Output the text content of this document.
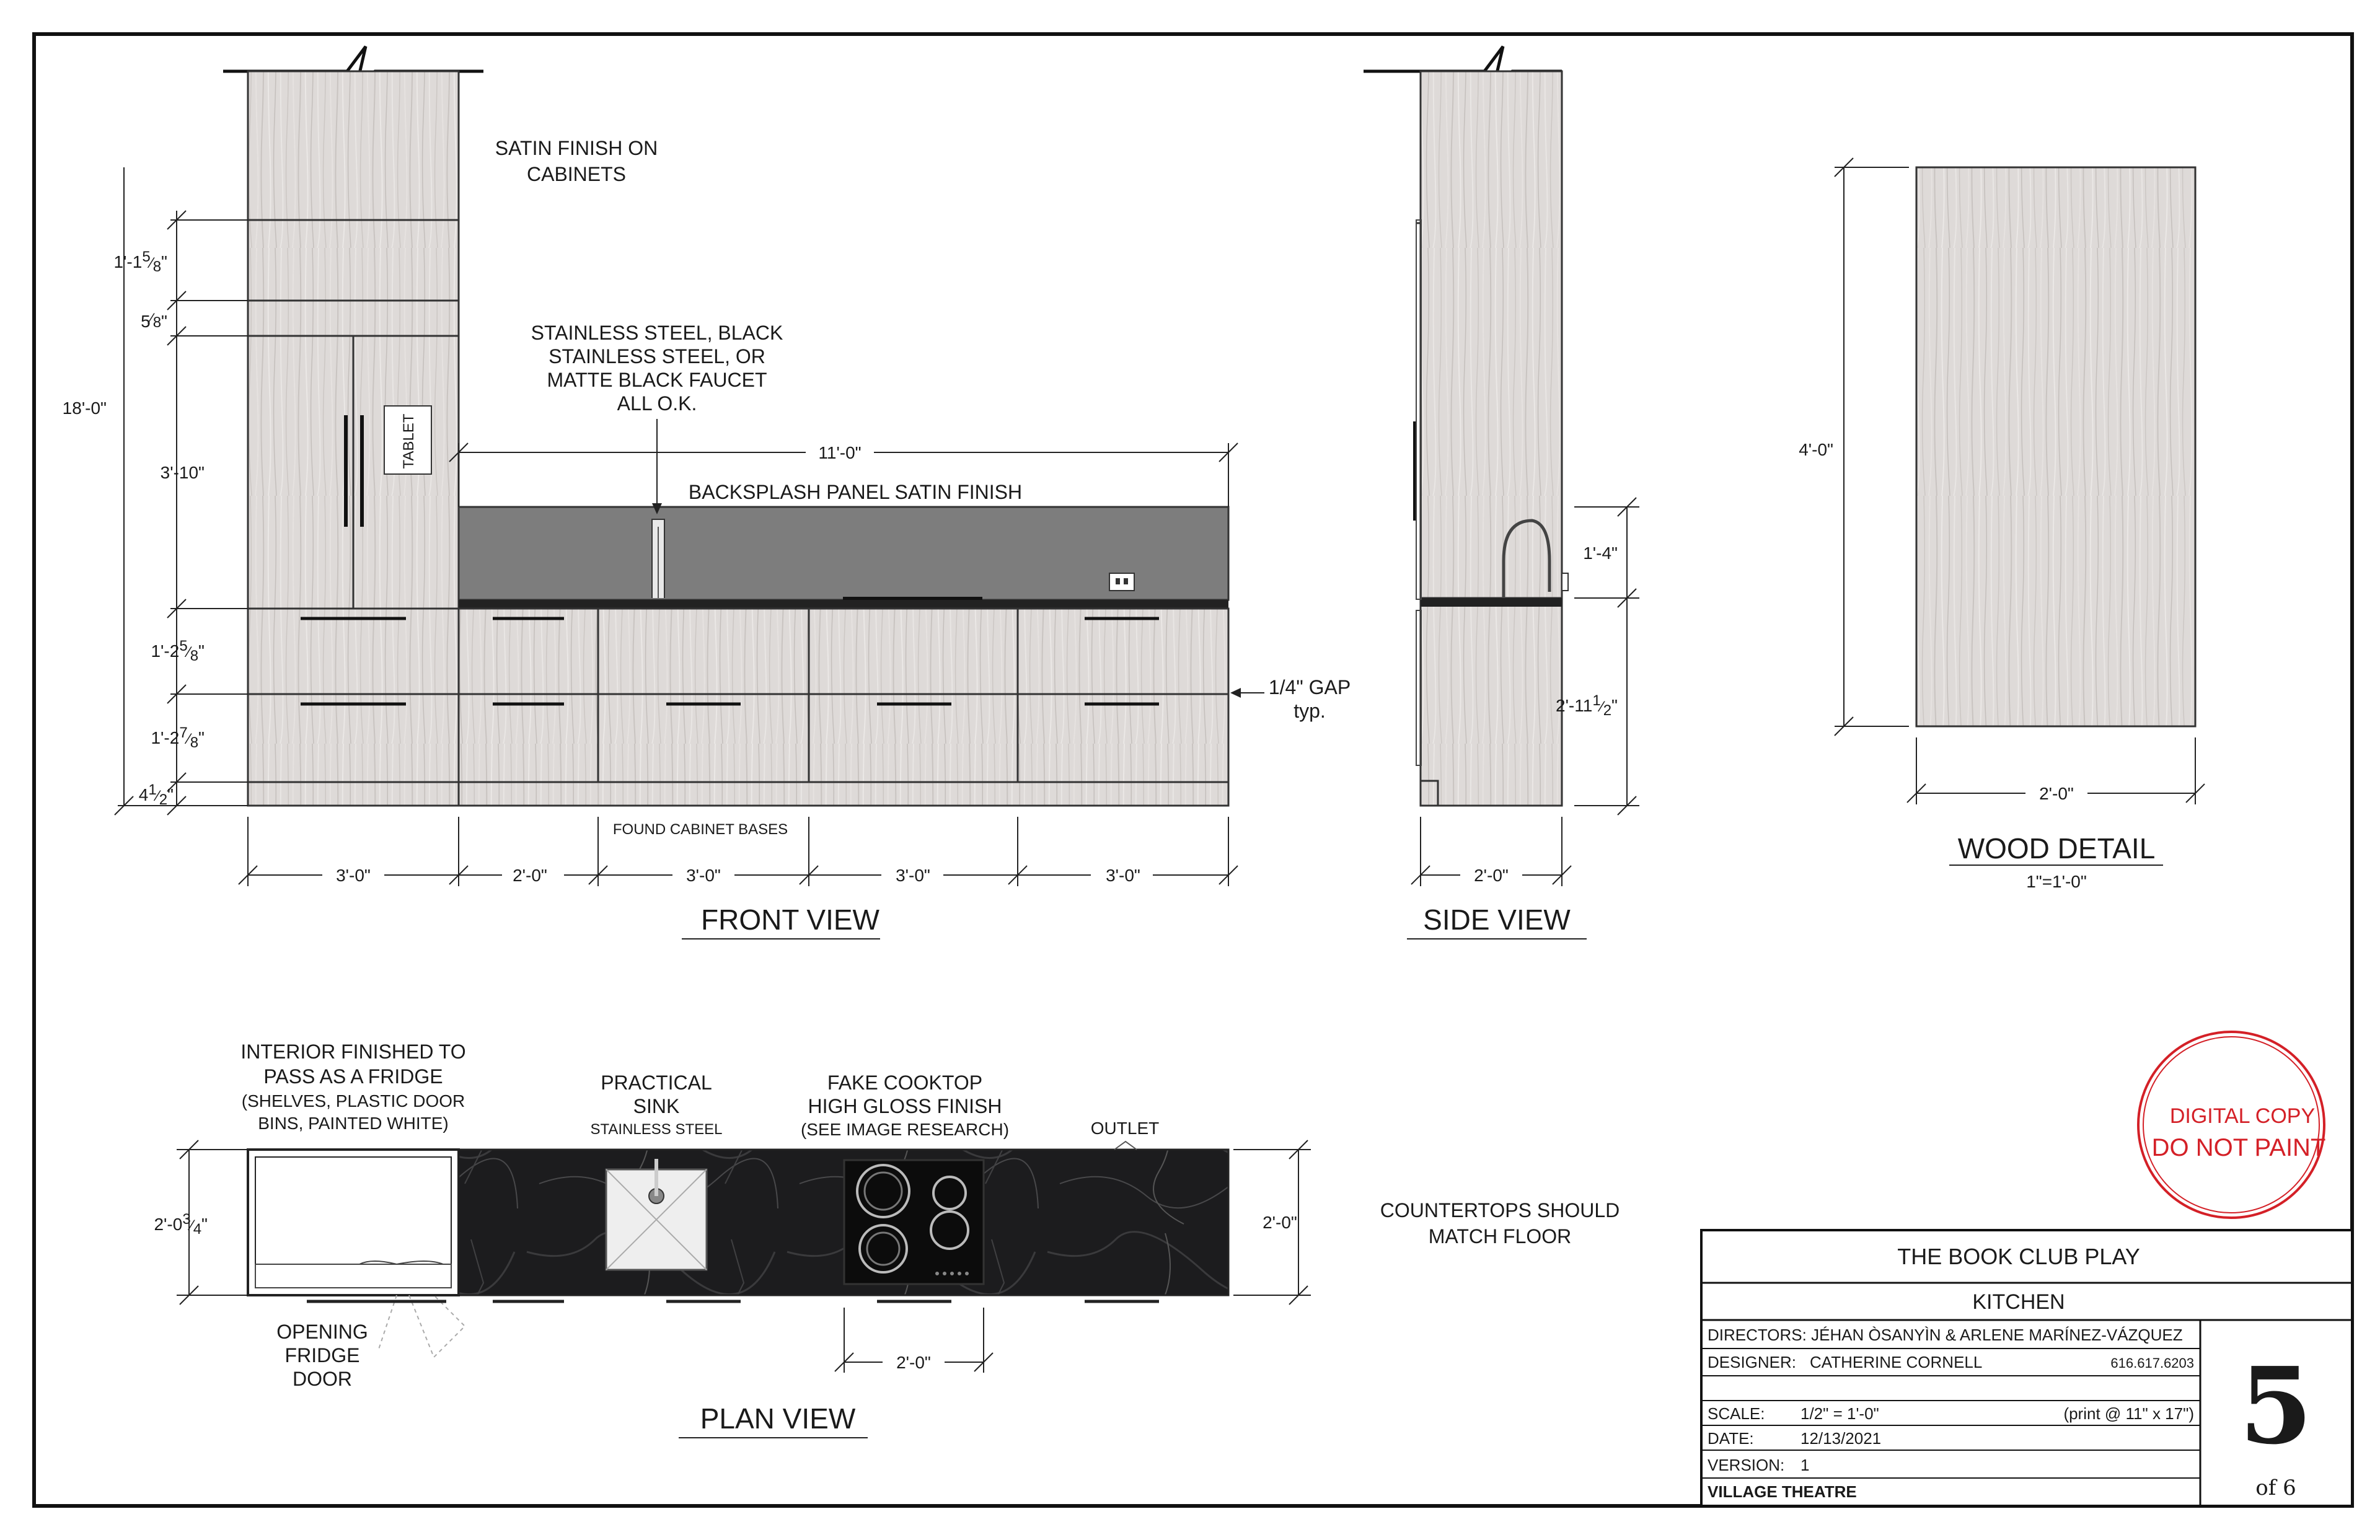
TABLET
18'-0"
1'-15⁄8"
5⁄8"
3'-10"
1'-25⁄8"
1'-27⁄8"
41⁄2"
11'-0"
3'-0"	2'-0"	3'-0"	3'-0"	3'-0"
FOUND CABINET BASES
SATIN FINISH ON
CABINETS
STAINLESS STEEL, BLACK
STAINLESS STEEL, OR
MATTE BLACK FAUCET
ALL O.K.
BACKSPLASH PANEL SATIN FINISH
1/4" GAP
typ.
FRONT VIEW
1'-4"
2'-111⁄2"
2'-0"
SIDE VIEW
4'-0"
2'-0"
WOOD DETAIL
1"=1'-0"
2'-03⁄4"	2'-0"
2'-0"
INTERIOR FINISHED TO
PASS AS A FRIDGE
(SHELVES, PLASTIC DOOR
BINS, PAINTED WHITE)
PRACTICAL
SINK
STAINLESS STEEL
FAKE COOKTOP
HIGH GLOSS FINISH
(SEE IMAGE RESEARCH)	OUTLET
OPENING
FRIDGE
DOOR
COUNTERTOPS SHOULD
MATCH FLOOR
PLAN VIEW
DIGITAL COPY
DO NOT PAINT
THE BOOK CLUB PLAY
KITCHEN
DIRECTORS: JÉHAN ÒSANYÌN & ARLENE MARÍNEZ-VÁZQUEZ
DESIGNER: CATHERINE CORNELL	616.617.6203
SCALE: 1/2" = 1'-0"	(print @ 11" x 17")
DATE:	12/13/2021
VERSION: 1
VILLAGE THEATRE
5
of 6
